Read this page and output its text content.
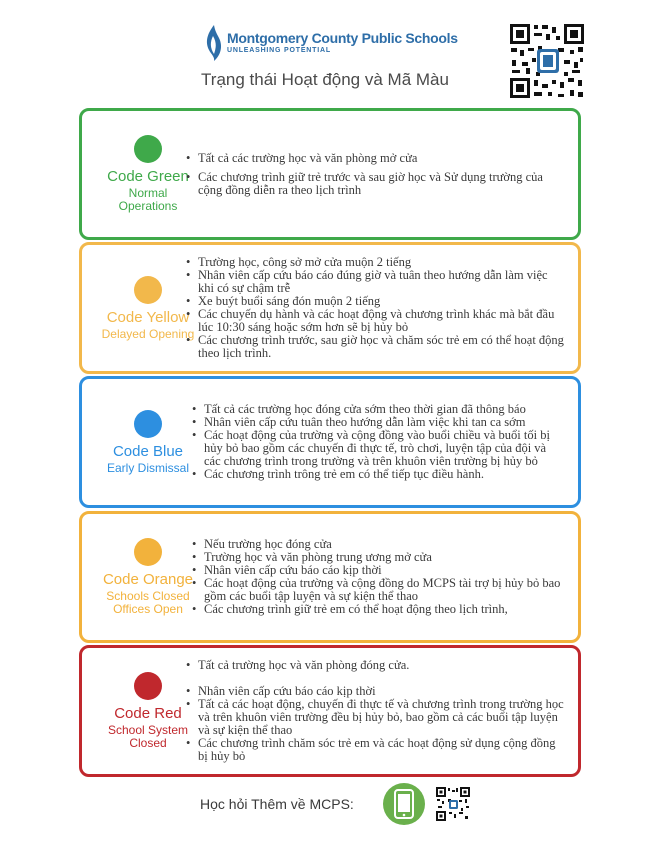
Montgomery County Public Schools
UNLEASHING POTENTIAL
Trạng thái Hoạt động và Mã Màu
Code Green
Normal Operations
• Tất cả các trường học và văn phòng mở cửa
• Các chương trình giữ trẻ trước và sau giờ học và Sử dụng trường của cộng đồng diễn ra theo lịch trình
Code Yellow
Delayed Opening
• Trường học, công sở mở cửa muộn 2 tiếng
• Nhân viên cấp cứu báo cáo đúng giờ và tuân theo hướng dẫn làm việc khi có sự chậm trễ
• Xe buýt buổi sáng đón muộn 2 tiếng
• Các chuyến dụ hành và các hoạt động và chương trình khác mà bắt đầu lúc 10:30 sáng hoặc sớm hơn sẽ bị hủy bỏ
• Các chương trình trước, sau giờ học và chăm sóc trẻ em có thể hoạt động theo lịch trình.
Code Blue
Early Dismissal
• Tất cả các trường học đóng cửa sớm theo thời gian đã thông báo
• Nhân viên cấp cứu tuân theo hướng dẫn làm việc khi tan ca sớm
• Các hoạt động của trường và cộng đồng vào buổi chiều và buổi tối bị hủy bỏ bao gồm các chuyến đi thực tế, trò chơi, luyện tập của đội và các chương trình trong trường và trên khuôn viên trường bị hủy bỏ
• Các chương trình trông trẻ em có thể tiếp tục điều hành.
Code Orange
Schools Closed Offices Open
• Nếu trường học đóng cửa
• Trường học và văn phòng trung ương mở cửa
• Nhân viên cấp cứu báo cáo kịp thời
• Các hoạt động của trường và cộng đồng do MCPS tài trợ bị hủy bỏ bao gồm các buổi tập luyện và sự kiện thể thao
• Các chương trình giữ trẻ em có thể hoạt động theo lịch trình,
Code Red
School System Closed
• Tất cả trường học và văn phòng đóng cửa.
• Nhân viên cấp cứu báo cáo kịp thời
• Tất cả các hoạt động, chuyến đi thực tế và chương trình trong trường học và trên khuôn viên trường đều bị hủy bỏ, bao gồm cả các buổi tập luyện và sự kiện thể thao
• Các chương trình chăm sóc trẻ em và các hoạt động sử dụng cộng đồng bị hủy bỏ
Học hỏi Thêm về MCPS:
